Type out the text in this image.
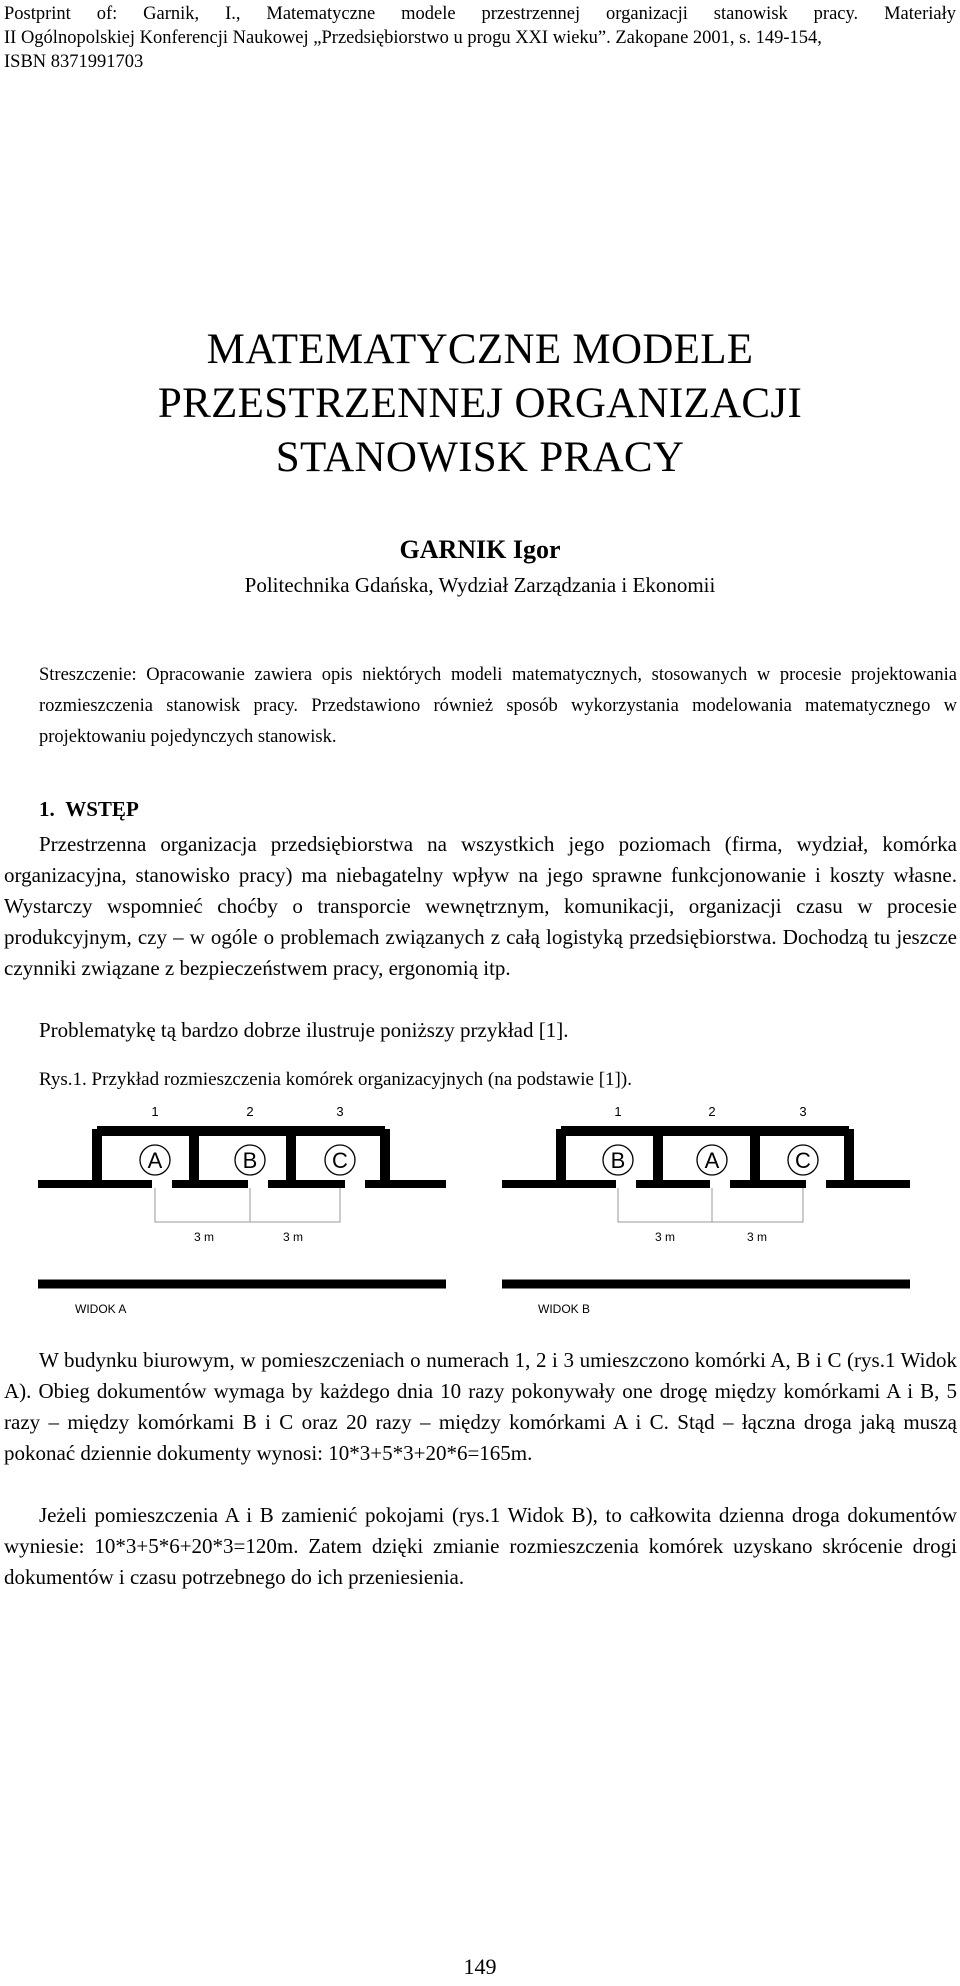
Postprint of: Garnik, I., Matematyczne modele przestrzennej organizacji stanowisk pracy. Materiały
II Ogólnopolskiej Konferencji Naukowej „Przedsiębiorstwo u progu XXI wieku”. Zakopane 2001, s. 149-154,
ISBN 8371991703
MATEMATYCZNE MODELE
PRZESTRZENNEJ ORGANIZACJI
STANOWISK PRACY
GARNIK Igor
Politechnika Gdańska, Wydział Zarządzania i Ekonomii
Streszczenie: Opracowanie zawiera opis niektórych modeli matematycznych, stosowanych w procesie projektowania rozmieszczenia stanowisk pracy. Przedstawiono również sposób wykorzystania modelowania matematycznego w projektowaniu pojedynczych stanowisk.
1. WSTĘP
Przestrzenna organizacja przedsiębiorstwa na wszystkich jego poziomach (firma, wydział, komórka organizacyjna, stanowisko pracy) ma niebagatelny wpływ na jego sprawne funkcjonowanie i koszty własne. Wystarczy wspomnieć choćby o transporcie wewnętrznym, komunikacji, organizacji czasu w procesie produkcyjnym, czy – w ogóle o problemach związanych z całą logistyką przedsiębiorstwa. Dochodzą tu jeszcze czynniki związane z bezpieczeństwem pracy, ergonomią itp.
Problematykę tą bardzo dobrze ilustruje poniższy przykład [1].
Rys.1. Przykład rozmieszczenia komórek organizacyjnych (na podstawie [1]).
1	2	3
A	B	C
3 m	3 m
WIDOK A
1	2	3
B	A	C
3 m	3 m
WIDOK B
W budynku biurowym, w pomieszczeniach o numerach 1, 2 i 3 umieszczono komórki A, B i C (rys.1 Widok A). Obieg dokumentów wymaga by każdego dnia 10 razy pokonywały one drogę między komórkami A i B, 5 razy – między komórkami B i C oraz 20 razy – między komórkami A i C. Stąd – łączna droga jaką muszą pokonać dziennie dokumenty wynosi: 10*3+5*3+20*6=165m.
Jeżeli pomieszczenia A i B zamienić pokojami (rys.1 Widok B), to całkowita dzienna droga dokumentów wyniesie: 10*3+5*6+20*3=120m. Zatem dzięki zmianie rozmieszczenia komórek uzyskano skrócenie drogi dokumentów i czasu potrzebnego do ich przeniesienia.
149
